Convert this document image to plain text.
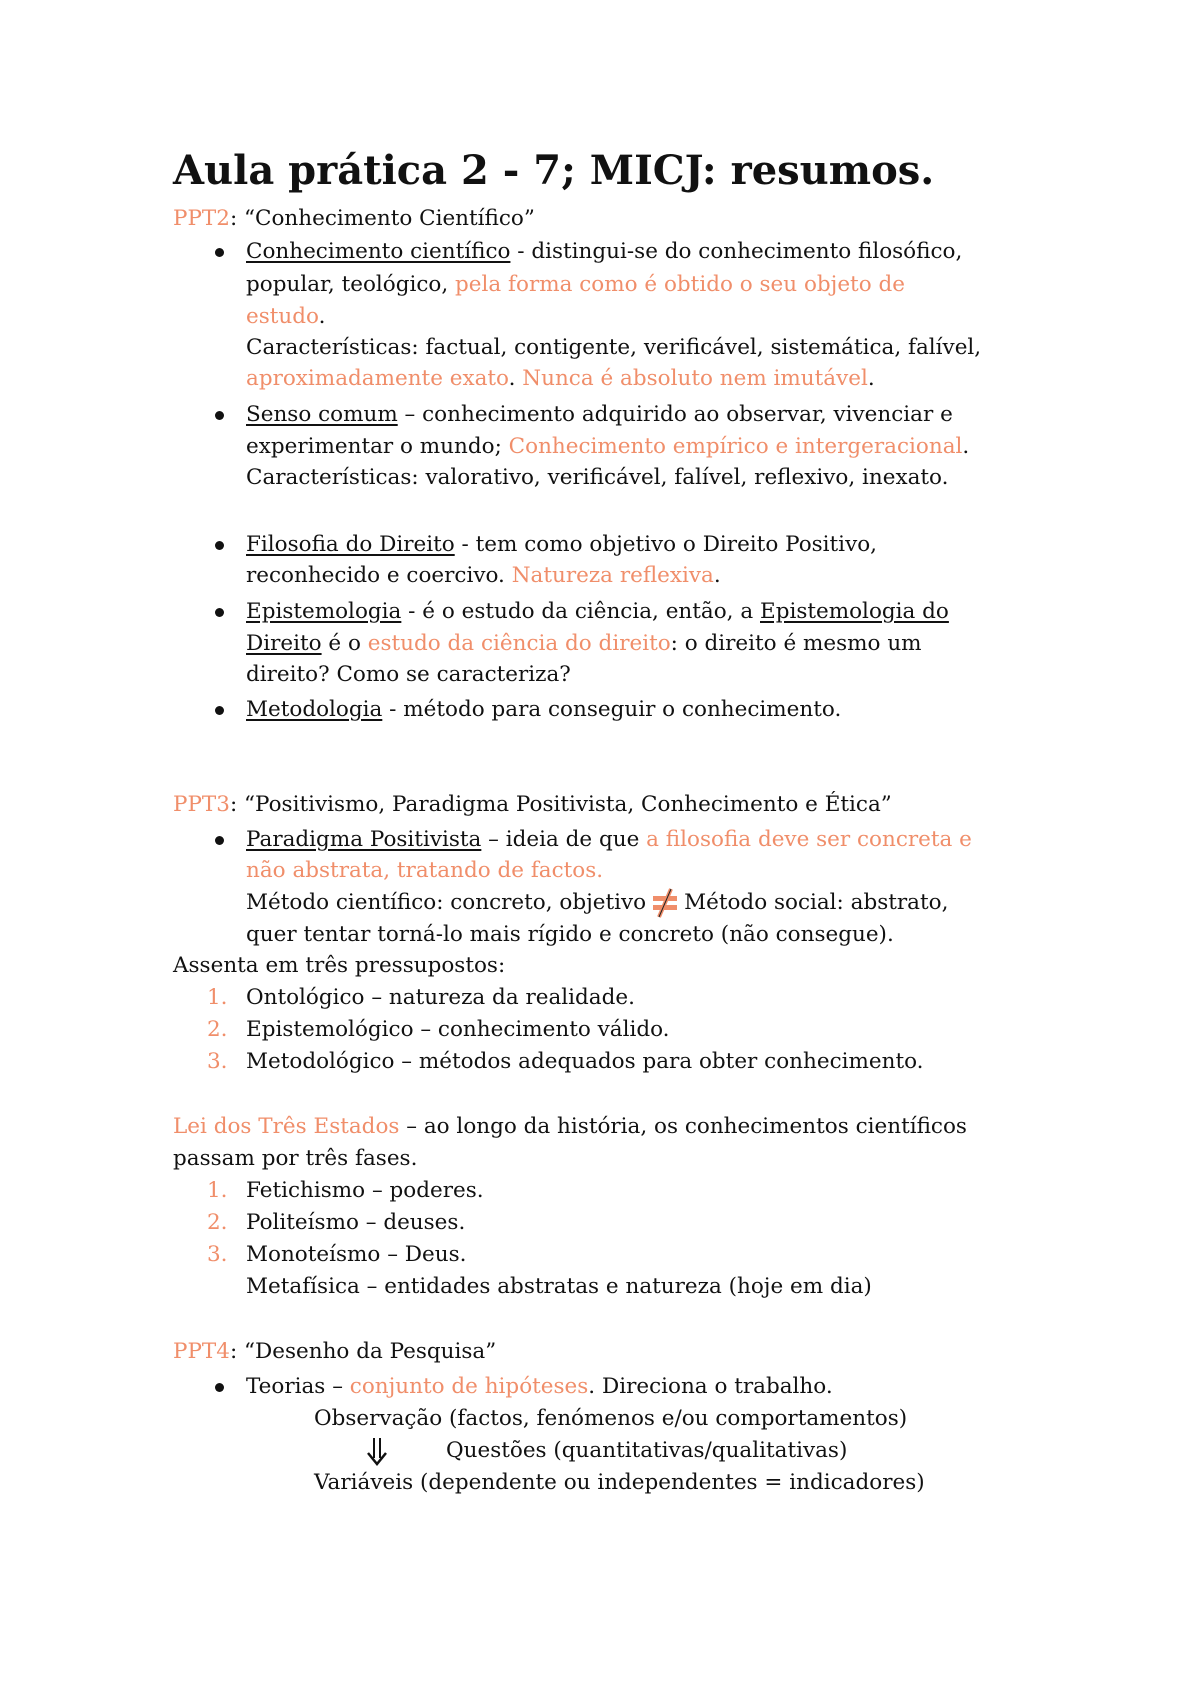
Aula prática 2 - 7; MICJ: resumos.
PPT2: “Conhecimento Científico”
Conhecimento científico - distingui-se do conhecimento filosófico,
popular, teológico, pela forma como é obtido o seu objeto de
estudo.
Características: factual, contigente, verificável, sistemática, falível,
aproximadamente exato. Nunca é absoluto nem imutável.
Senso comum – conhecimento adquirido ao observar, vivenciar e
experimentar o mundo; Conhecimento empírico e intergeracional.
Características: valorativo, verificável, falível, reflexivo, inexato.
Filosofia do Direito - tem como objetivo o Direito Positivo,
reconhecido e coercivo. Natureza reflexiva.
Epistemologia - é o estudo da ciência, então, a Epistemologia do
Direito é o estudo da ciência do direito: o direito é mesmo um
direito? Como se caracteriza?
Metodologia - método para conseguir o conhecimento.
PPT3: “Positivismo, Paradigma Positivista, Conhecimento e Ética”
Paradigma Positivista – ideia de que a filosofia deve ser concreta e
não abstrata, tratando de factos.
Método científico: concreto, objetivo Método social: abstrato,
quer tentar torná-lo mais rígido e concreto (não consegue).
Assenta em três pressupostos:
1. Ontológico – natureza da realidade.
2. Epistemológico – conhecimento válido.
3. Metodológico – métodos adequados para obter conhecimento.
Lei dos Três Estados – ao longo da história, os conhecimentos científicos
passam por três fases.
1. Fetichismo – poderes.
2. Politeísmo – deuses.
3. Monoteísmo – Deus.
Metafísica – entidades abstratas e natureza (hoje em dia)
PPT4: “Desenho da Pesquisa”
Teorias – conjunto de hipóteses. Direciona o trabalho.
Observação (factos, fenómenos e/ou comportamentos)
Questões (quantitativas/qualitativas)
Variáveis (dependente ou independentes = indicadores)
